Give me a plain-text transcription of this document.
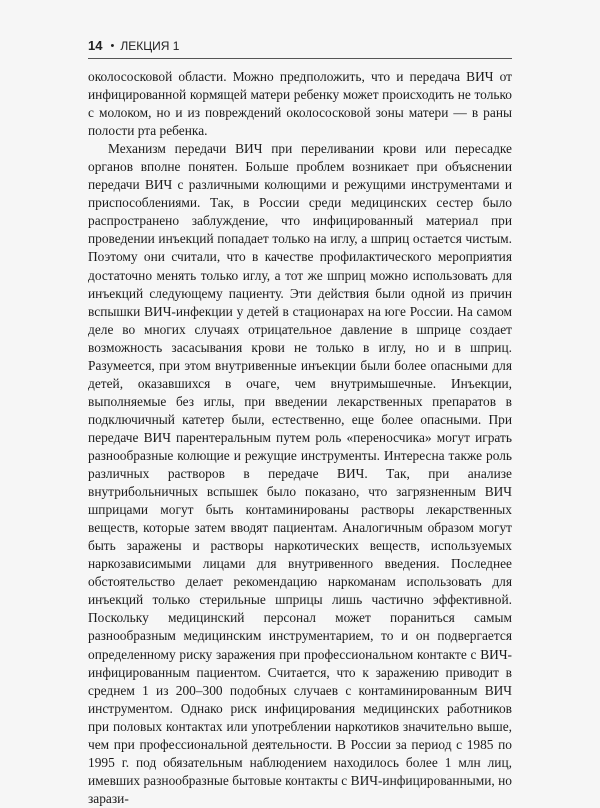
14 • ЛЕКЦИЯ 1

околососковой области. Можно предположить, что и передача ВИЧ от инфицированной кормящей матери ребенку может происходить не только с молоком, но и из повреждений околососковой зоны матери — в раны полости рта ребенка.

Механизм передачи ВИЧ при переливании крови или пересадке органов вполне понятен. Больше проблем возникает при объяснении передачи ВИЧ с различными колющими и режущими инструментами и приспособлениями. Так, в России среди медицинских сестер было распространено заблуждение, что инфицированный материал при проведении инъекций попадает только на иглу, а шприц остается чистым. Поэтому они считали, что в качестве профилактического мероприятия достаточно менять только иглу, а тот же шприц можно использовать для инъекций следующему пациенту. Эти действия были одной из причин вспышки ВИЧ-инфекции у детей в стационарах на юге России. На самом деле во многих случаях отрицательное давление в шприце создает возможность засасывания крови не только в иглу, но и в шприц. Разумеется, при этом внутривенные инъекции были более опасными для детей, оказавшихся в очаге, чем внутримышечные. Инъекции, выполняемые без иглы, при введении лекарственных препаратов в подключичный катетер были, естественно, еще более опасными. При передаче ВИЧ парентеральным путем роль «переносчика» могут играть разнообразные колющие и режущие инструменты. Интересна также роль различных растворов в передаче ВИЧ. Так, при анализе внутрибольничных вспышек было показано, что загрязненным ВИЧ шприцами могут быть контаминированы растворы лекарственных веществ, которые затем вводят пациентам. Аналогичным образом могут быть заражены и растворы наркотических веществ, используемых наркозависимыми лицами для внутривенного введения. Последнее обстоятельство делает рекомендацию наркоманам использовать для инъекций только стерильные шприцы лишь частично эффективной. Поскольку медицинский персонал может пораниться самым разнообразным медицинским инструментарием, то и он подвергается определенному риску заражения при профессиональном контакте с ВИЧ-инфицированным пациентом. Считается, что к заражению приводит в среднем 1 из 200–300 подобных случаев с контаминированным ВИЧ инструментом. Однако риск инфицирования медицинских работников при половых контактах или употреблении наркотиков значительно выше, чем при профессиональной деятельности. В России за период с 1985 по 1995 г. под обязательным наблюдением находилось более 1 млн лиц, имевших разнообразные бытовые контакты с ВИЧ-инфицированными, но зарази-
